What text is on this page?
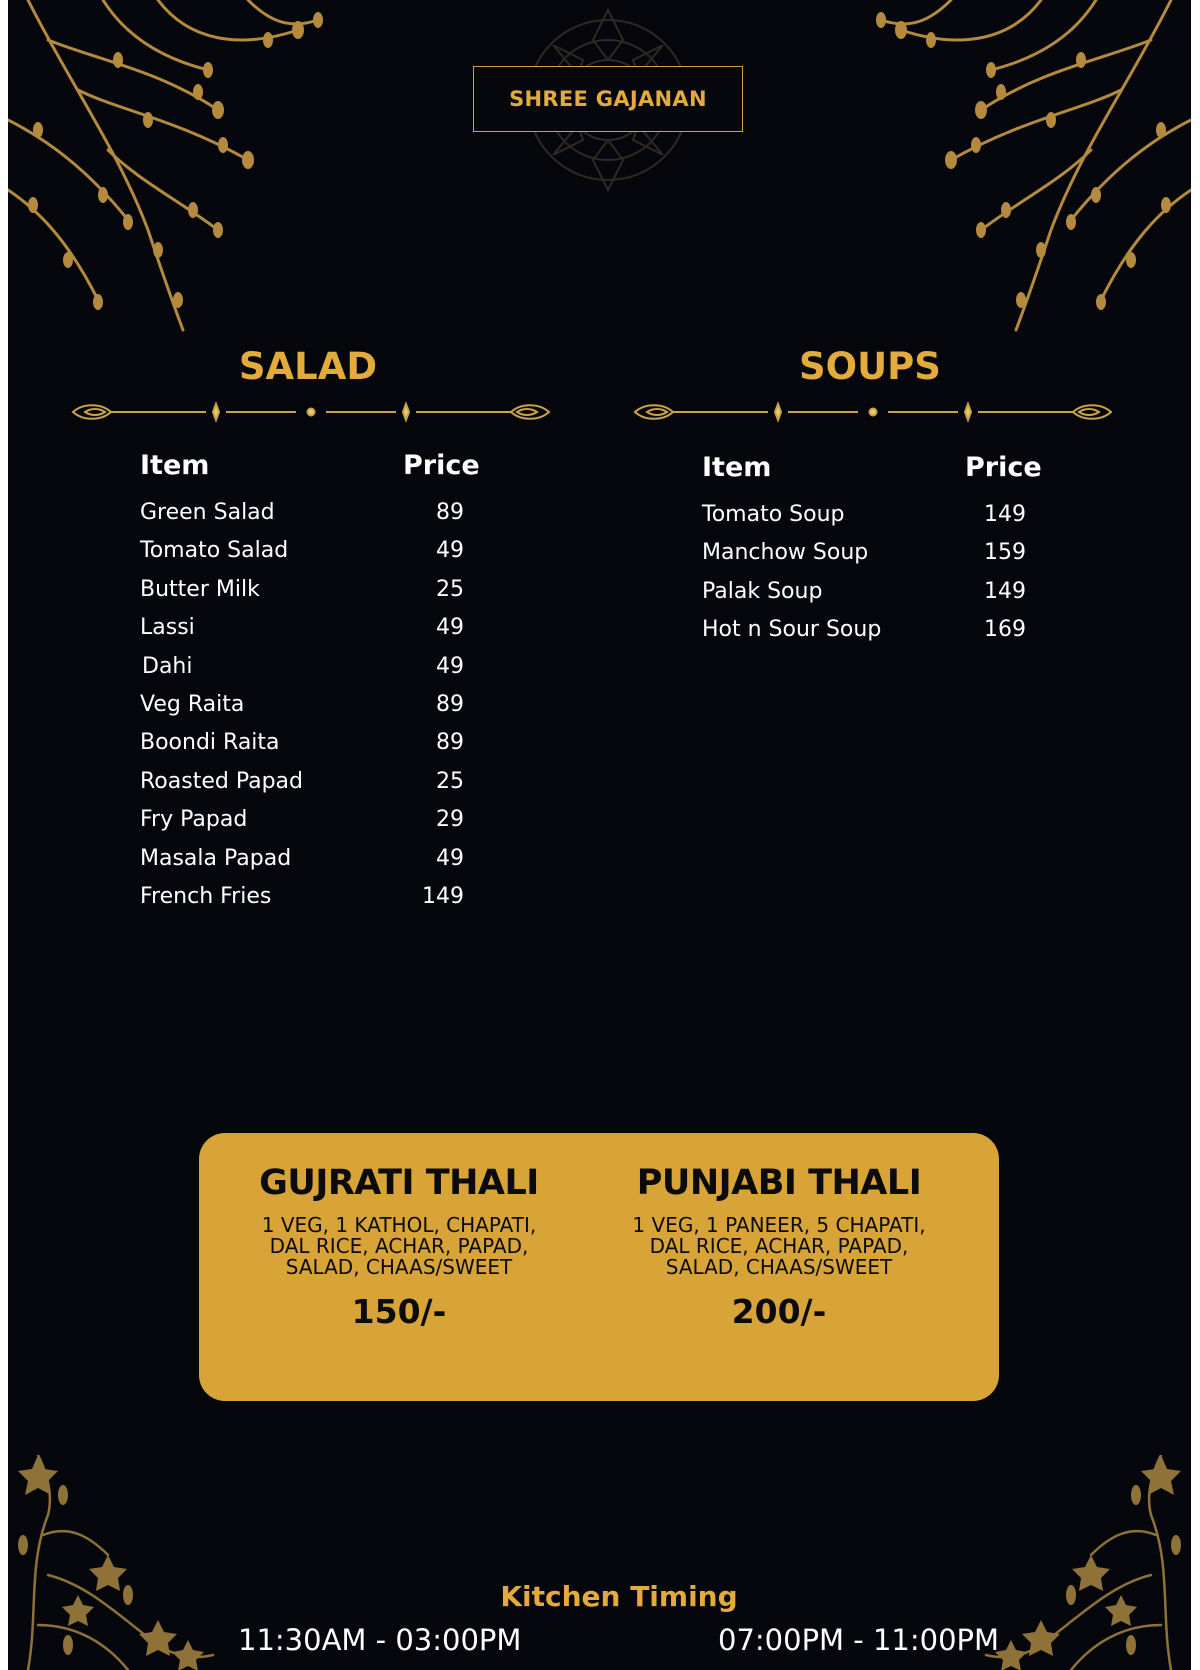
SHREE GAJANAN
SALAD
Item	Price
Green Salad	89
Tomato Salad	49
Butter Milk	25
Lassi	49
Dahi	49
Veg Raita	89
Boondi Raita	89
Roasted Papad	25
Fry Papad	29
Masala Papad	49
French Fries	149
SOUPS
Item	Price
Tomato Soup	149
Manchow Soup	159
Palak Soup	149
Hot n Sour Soup	169
GUJRATI THALI
1 VEG, 1 KATHOL, CHAPATI,
DAL RICE, ACHAR, PAPAD,
SALAD, CHAAS/SWEET
150/-
PUNJABI THALI
1 VEG, 1 PANEER, 5 CHAPATI,
DAL RICE, ACHAR, PAPAD,
SALAD, CHAAS/SWEET
200/-
Kitchen Timing
11:30AM - 03:00PM	07:00PM - 11:00PM
